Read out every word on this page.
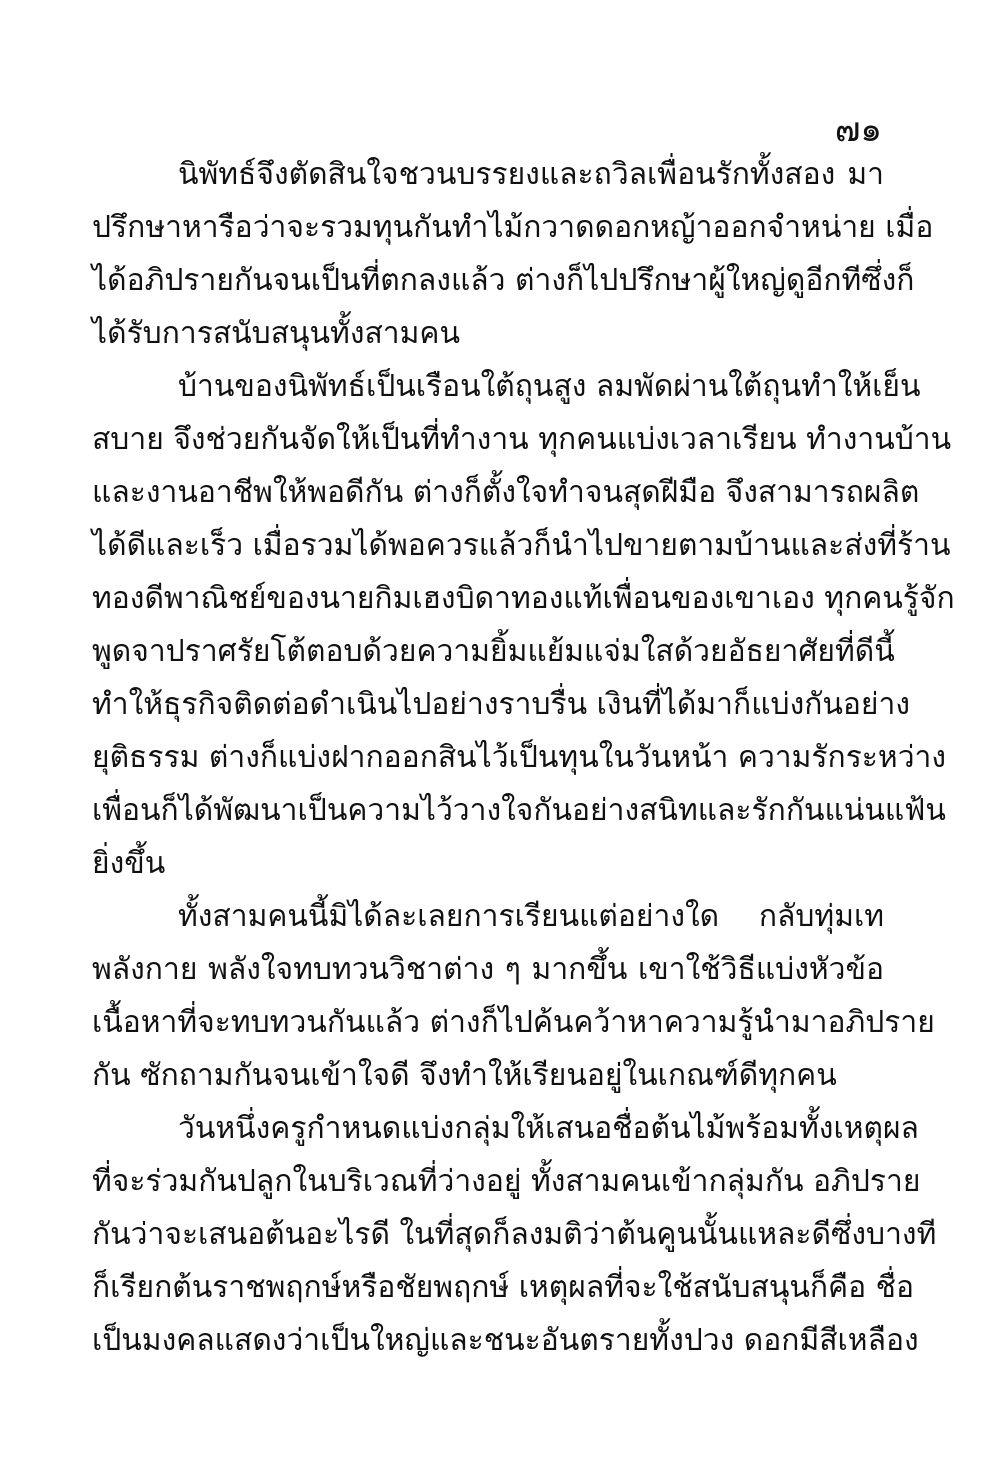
๗๑
นิพัทธ์จึงตัดสินใจชวนบรรยงและถวิลเพื่อนรักทั้งสอง มา
ปรึกษาหารือว่าจะรวมทุนกันทำไม้กวาดดอกหญ้าออกจำหน่าย เมื่อ
ได้อภิปรายกันจนเป็นที่ตกลงแล้ว ต่างก็ไปปรึกษาผู้ใหญ่ดูอีกทีซึ่งก็
ได้รับการสนับสนุนทั้งสามคน
บ้านของนิพัทธ์เป็นเรือนใต้ถุนสูง ลมพัดผ่านใต้ถุนทำให้เย็น
สบาย จึงช่วยกันจัดให้เป็นที่ทำงาน ทุกคนแบ่งเวลาเรียน ทำงานบ้าน
และงานอาชีพให้พอดีกัน ต่างก็ตั้งใจทำจนสุดฝีมือ จึงสามารถผลิต
ได้ดีและเร็ว เมื่อรวมได้พอควรแล้วก็นำไปขายตามบ้านและส่งที่ร้าน
ทองดีพาณิชย์ของนายกิมเฮงบิดาทองแท้เพื่อนของเขาเอง ทุกคนรู้จัก
พูดจาปราศรัยโต้ตอบด้วยความยิ้มแย้มแจ่มใสด้วยอัธยาศัยที่ดีนี้
ทำให้ธุรกิจติดต่อดำเนินไปอย่างราบรื่น เงินที่ได้มาก็แบ่งกันอย่าง
ยุติธรรม ต่างก็แบ่งฝากออกสินไว้เป็นทุนในวันหน้า ความรักระหว่าง
เพื่อนก็ได้พัฒนาเป็นความไว้วางใจกันอย่างสนิทและรักกันแน่นแฟ้น
ยิ่งขึ้น
ทั้งสามคนนี้มิได้ละเลยการเรียนแต่อย่างใด กลับทุ่มเท
พลังกาย พลังใจทบทวนวิชาต่าง ๆ มากขึ้น เขาใช้วิธีแบ่งหัวข้อ
เนื้อหาที่จะทบทวนกันแล้ว ต่างก็ไปค้นคว้าหาความรู้นำมาอภิปราย
กัน ซักถามกันจนเข้าใจดี จึงทำให้เรียนอยู่ในเกณฑ์ดีทุกคน
วันหนึ่งครูกำหนดแบ่งกลุ่มให้เสนอชื่อต้นไม้พร้อมทั้งเหตุผล
ที่จะร่วมกันปลูกในบริเวณที่ว่างอยู่ ทั้งสามคนเข้ากลุ่มกัน อภิปราย
กันว่าจะเสนอต้นอะไรดี ในที่สุดก็ลงมติว่าต้นคูนนั้นแหละดีซึ่งบางที
ก็เรียกต้นราชพฤกษ์หรือชัยพฤกษ์ เหตุผลที่จะใช้สนับสนุนก็คือ ชื่อ
เป็นมงคลแสดงว่าเป็นใหญ่และชนะอันตรายทั้งปวง ดอกมีสีเหลือง
